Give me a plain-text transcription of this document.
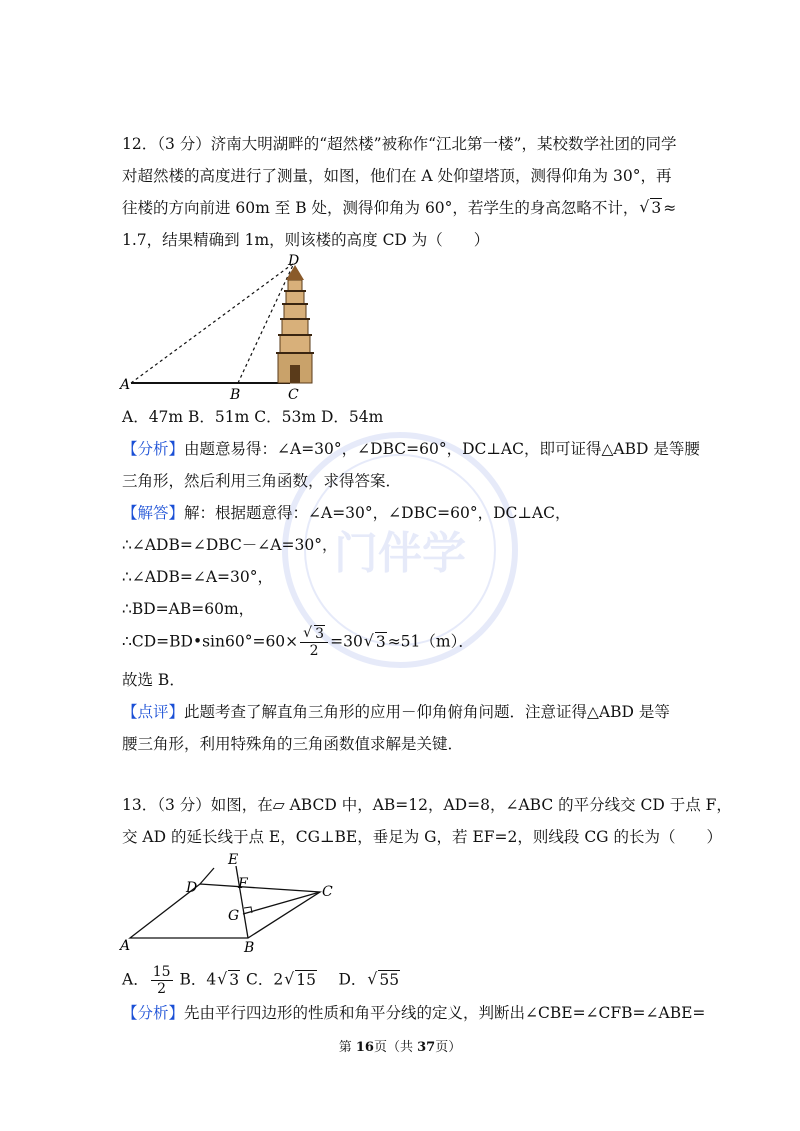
门伴学
12．（3 分）济南大明湖畔的“超然楼”被称作“江北第一楼”，某校数学社团的同学
对超然楼的高度进行了测量，如图，他们在 A 处仰望塔顶，测得仰角为 30°，再
往楼的方向前进 60m 至 B 处，测得仰角为 60°，若学生的身高忽略不计，√ 3 ≈
1.7，结果精确到 1m，则该楼的高度 CD 为（　　）
A
B	C
D
A．47m B．51m C．53m D．54m
【分析】由题意易得：∠A=30°，∠DBC=60°，DC⊥AC，即可证得△ABD 是等腰
三角形，然后利用三角函数，求得答案．
【解答】解：根据题意得：∠A=30°，∠DBC=60°，DC⊥AC，
∴∠ADB=∠DBC－∠A=30°，
∴∠ADB=∠A=30°，
∴BD=AB=60m，
∴CD=BD•sin60°=60×
√ $\frac{3}{2} =30√$ 3 ≈51（m）．
故选 B．
【点评】此题考查了解直角三角形的应用－仰角俯角问题．注意证得△ABD 是等
腰三角形，利用特殊角的三角函数值求解是关键．
13．（3 分）如图，在▱ ABCD 中，AB=12，AD=8，∠ABC 的平分线交 CD 于点 F，
交 AD 的延长线于点 E，CG⊥BE，垂足为 G，若 EF=2，则线段 CG 的长为（　　）
A	B
C
D
E
F
G
A． $\frac{15}{2}$ B．4√ 3 C．2√ 15   D．√ 55
【分析】先由平行四边形的性质和角平分线的定义，判断出∠CBE=∠CFB=∠ABE=
第 16页（共 37页）
